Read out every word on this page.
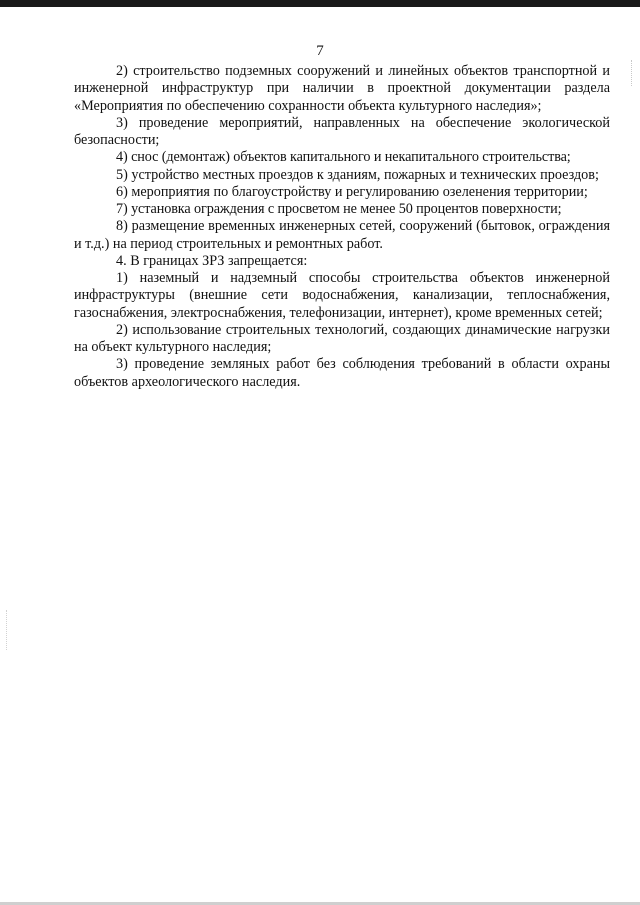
7

2) строительство подземных сооружений и линейных объектов транспортной и инженерной инфраструктур при наличии в проектной документации раздела «Мероприятия по обеспечению сохранности объекта культурного наследия»;

3) проведение мероприятий, направленных на обеспечение экологической безопасности;

4) снос (демонтаж) объектов капитального и некапитального строительства;

5) устройство местных проездов к зданиям, пожарных и технических проездов;

6) мероприятия по благоустройству и регулированию озеленения территории;

7) установка ограждения с просветом не менее 50 процентов поверхности;

8) размещение временных инженерных сетей, сооружений (бытовок, ограждения и т.д.) на период строительных и ремонтных работ.

4. В границах ЗРЗ запрещается:

1) наземный и надземный способы строительства объектов инженерной инфраструктуры (внешние сети водоснабжения, канализации, теплоснабжения, газоснабжения, электроснабжения, телефонизации, интернет), кроме временных сетей;

2) использование строительных технологий, создающих динамические нагрузки на объект культурного наследия;

3) проведение земляных работ без соблюдения требований в области охраны объектов археологического наследия.
